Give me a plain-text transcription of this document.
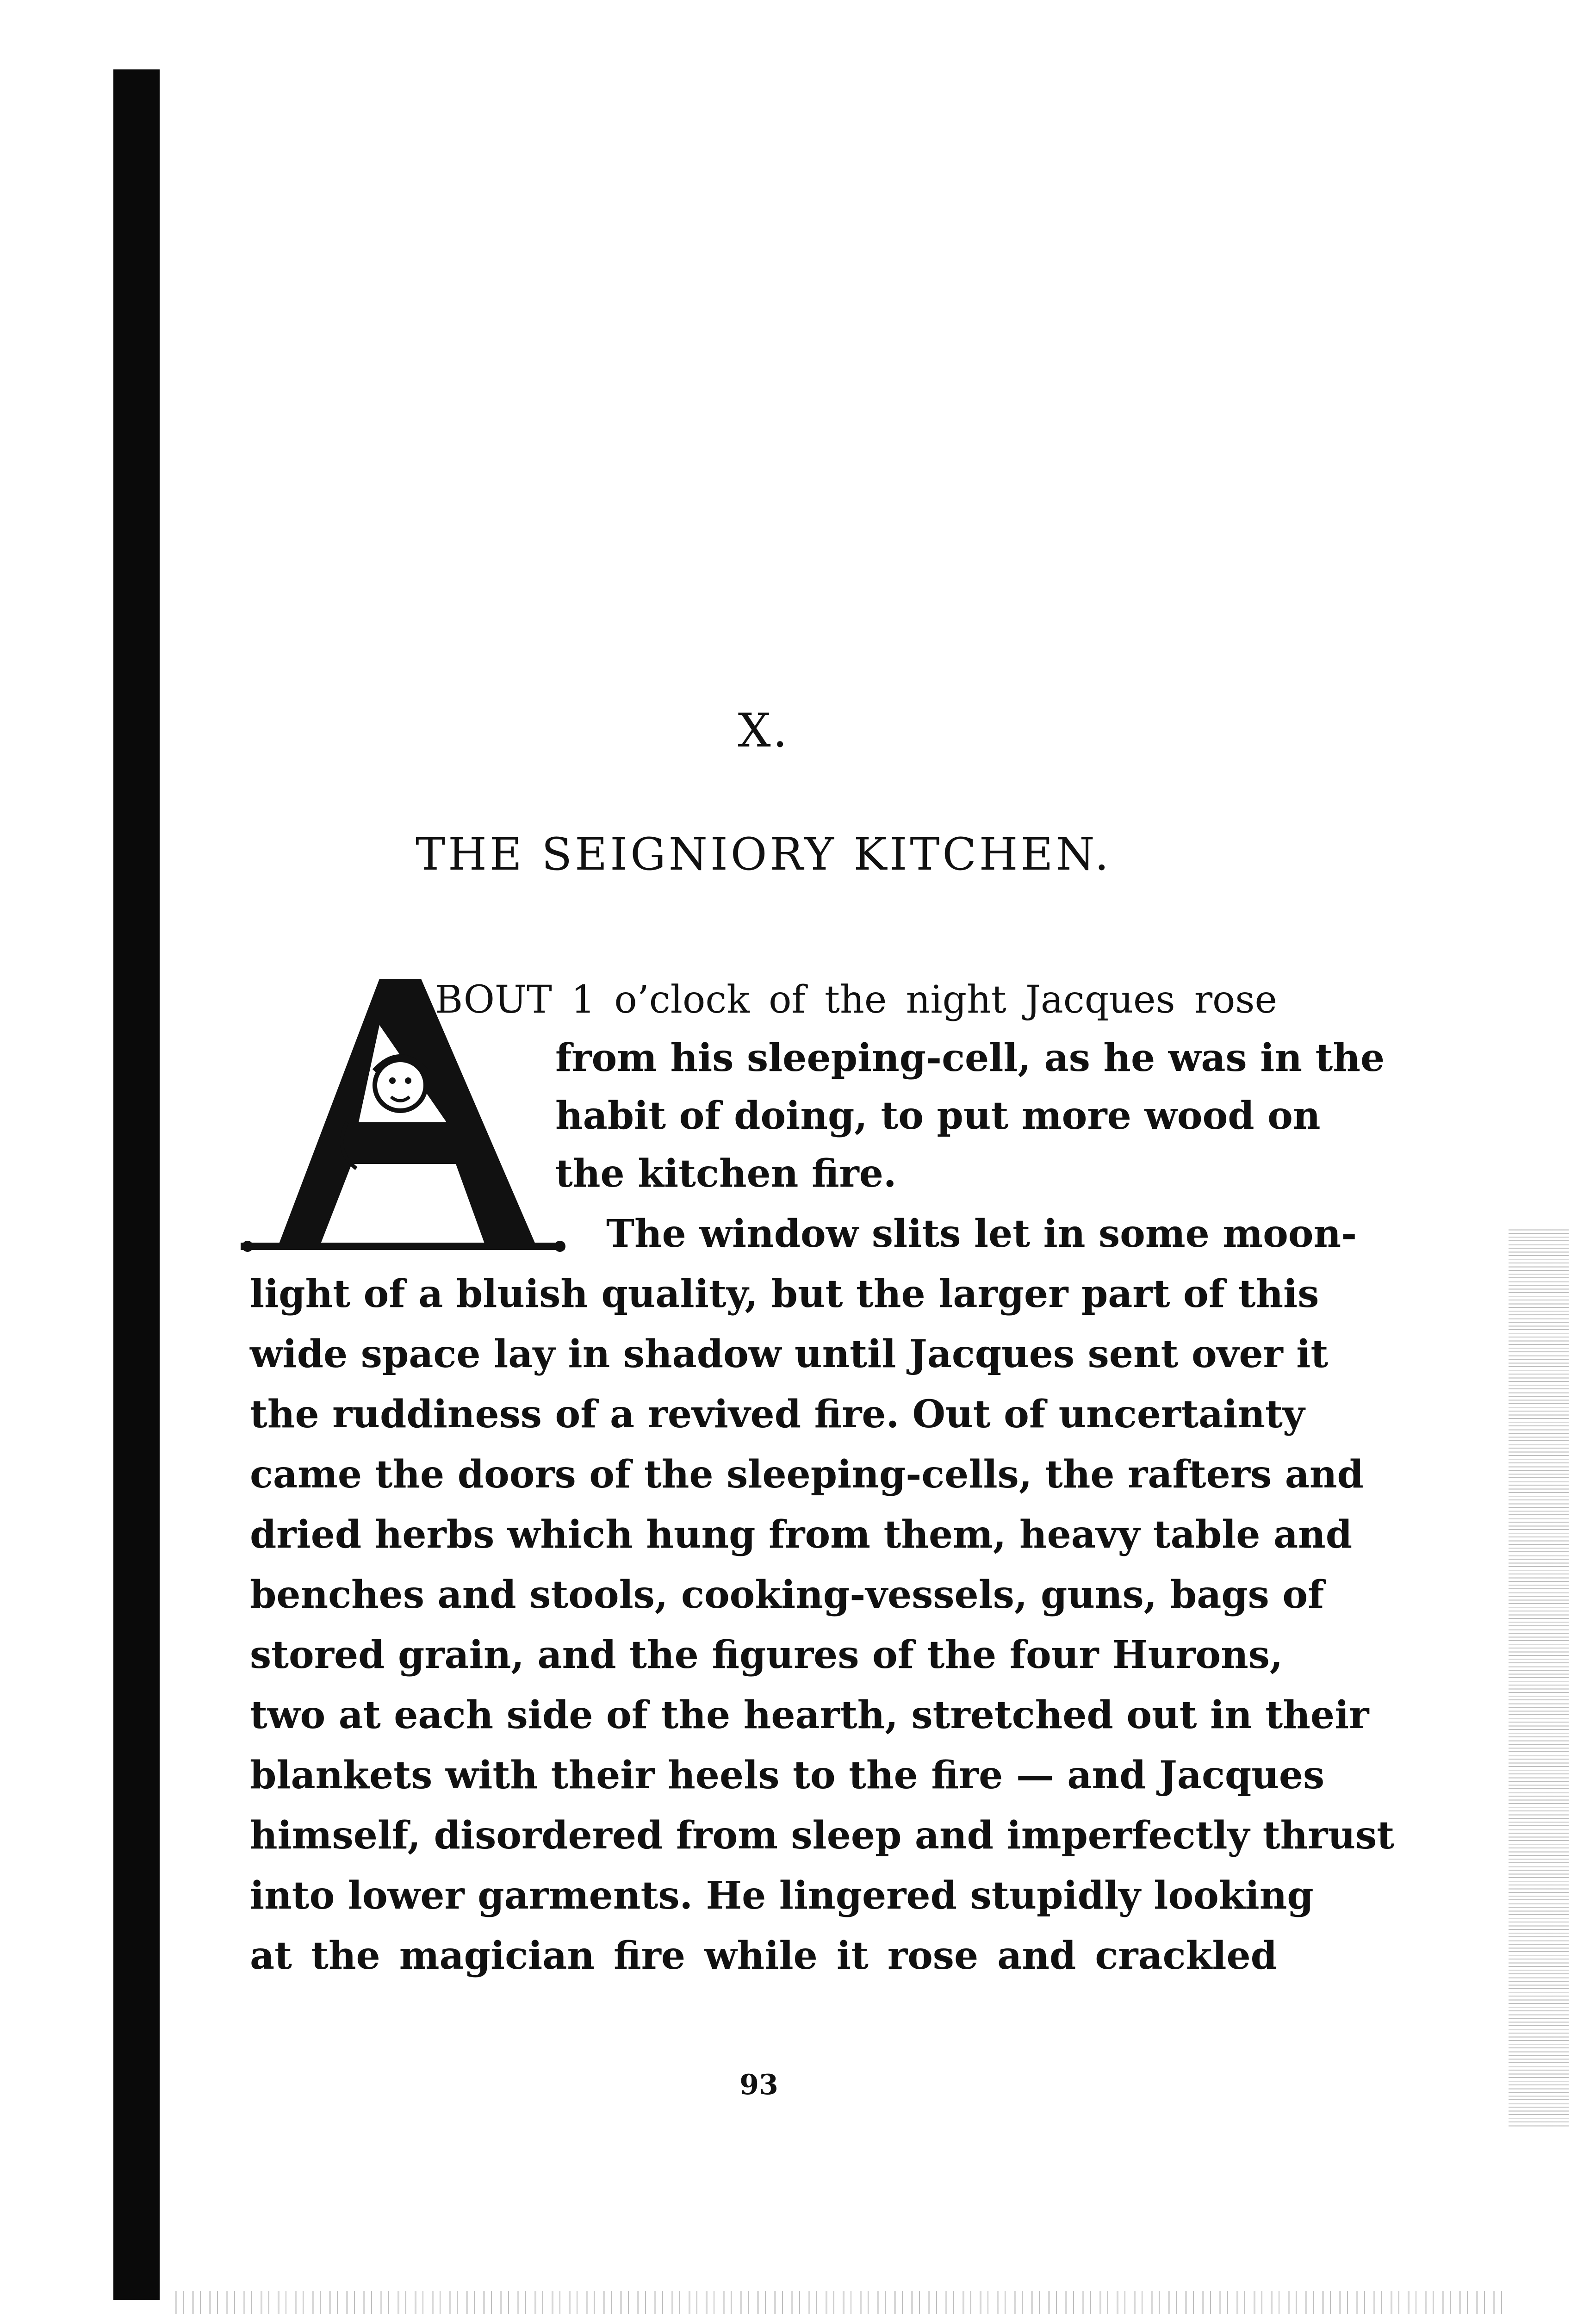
X.
THE SEIGNIORY KITCHEN.
BOUT 1 o’clock of the night Jacques rose
from his sleeping-cell, as he was in the
habit of doing, to put more wood on
the kitchen fire.
The window slits let in some moon-
light of a bluish quality, but the larger part of this
wide space lay in shadow until Jacques sent over it
the ruddiness of a revived fire. Out of uncertainty
came the doors of the sleeping-cells, the rafters and
dried herbs which hung from them, heavy table and
benches and stools, cooking-vessels, guns, bags of
stored grain, and the figures of the four Hurons,
two at each side of the hearth, stretched out in their
blankets with their heels to the fire — and Jacques
himself, disordered from sleep and imperfectly thrust
into lower garments. He lingered stupidly looking
at the magician fire while it rose and crackled
93
